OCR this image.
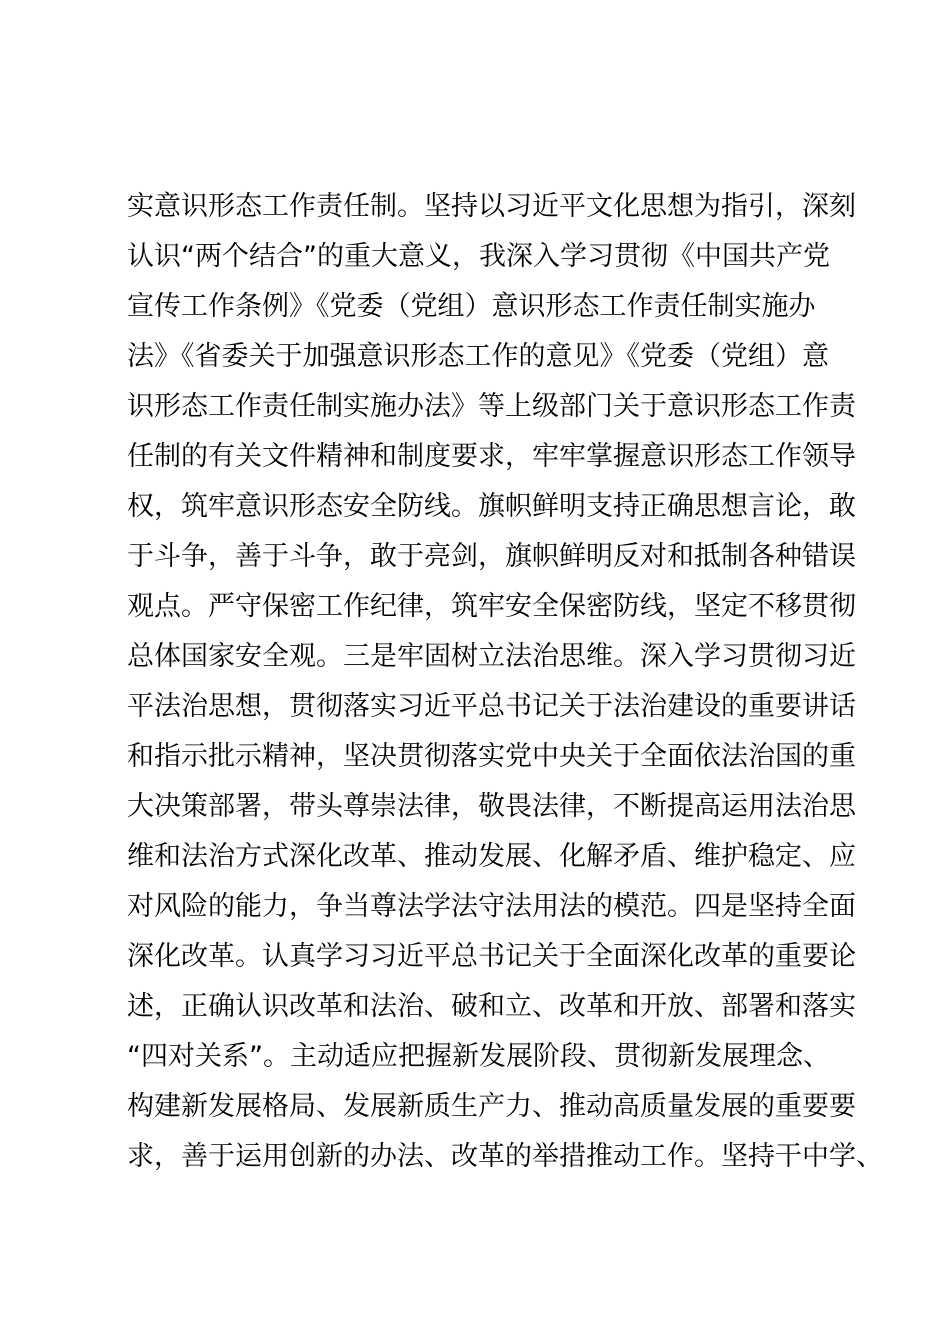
实意识形态工作责任制。坚持以习近平文化思想为指引，深刻
认识“两个结合”的重大意义，我深入学习贯彻《中国共产党
宣传工作条例》《党委（党组）意识形态工作责任制实施办
法》《省委关于加强意识形态工作的意见》《党委（党组）意
识形态工作责任制实施办法》等上级部门关于意识形态工作责
任制的有关文件精神和制度要求，牢牢掌握意识形态工作领导
权，筑牢意识形态安全防线。旗帜鲜明支持正确思想言论，敢
于斗争，善于斗争，敢于亮剑，旗帜鲜明反对和抵制各种错误
观点。严守保密工作纪律，筑牢安全保密防线，坚定不移贯彻
总体国家安全观。三是牢固树立法治思维。深入学习贯彻习近
平法治思想，贯彻落实习近平总书记关于法治建设的重要讲话
和指示批示精神，坚决贯彻落实党中央关于全面依法治国的重
大决策部署，带头尊崇法律，敬畏法律，不断提高运用法治思
维和法治方式深化改革、推动发展、化解矛盾、维护稳定、应
对风险的能力，争当尊法学法守法用法的模范。四是坚持全面
深化改革。认真学习习近平总书记关于全面深化改革的重要论
述，正确认识改革和法治、破和立、改革和开放、部署和落实
“四对关系”。主动适应把握新发展阶段、贯彻新发展理念、
构建新发展格局、发展新质生产力、推动高质量发展的重要要
求，善于运用创新的办法、改革的举措推动工作。坚持干中学、
